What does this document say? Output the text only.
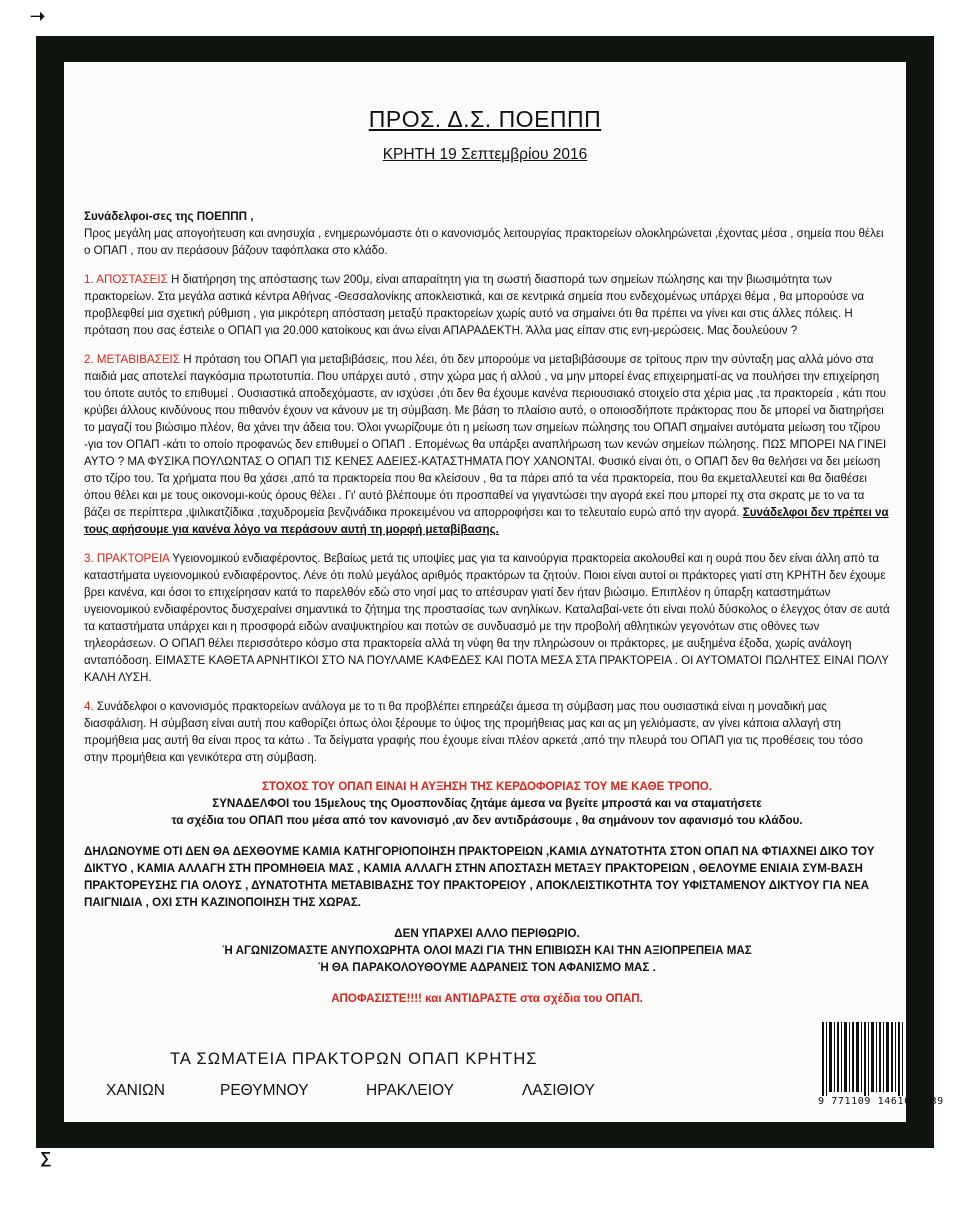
➝
∑
ΠΡΟΣ. Δ.Σ. ΠΟΕΠΠΠ
ΚΡΗΤΗ 19 Σεπτεμβρίου 2016

Συνάδελφοι-σες της ΠΟΕΠΠΠ ,

Προς μεγάλη μας απογοήτευση και ανησυχία , ενημερωνόμαστε ότι ο κανονισμός λειτουργίας πρακτορείων ολοκληρώνεται ,έχοντας μέσα , σημεία που θέλει ο ΟΠΑΠ , που αν περάσουν βάζουν ταφόπλακα στο κλάδο.

1. ΑΠΟΣΤΑΣΕΙΣ Η διατήρηση της απόστασης των 200μ, είναι απαραίτητη για τη σωστή διασπορά των σημείων πώλησης και την βιωσιμότητα των πρακτορείων. Στα μεγάλα αστικά κέντρα Αθήνας -Θεσσαλονίκης αποκλειστικά, και σε κεντρικά σημεία που ενδεχομένως υπάρχει θέμα , θα μπορούσε να προβλεφθεί μια σχετική ρύθμιση , για μικρότερη απόσταση μεταξύ πρακτορείων χωρίς αυτό να σημαίνει ότι θα πρέπει να γίνει και στις άλλες πόλεις. Η πρόταση που σας έστειλε ο ΟΠΑΠ για 20.000 κατοίκους και άνω είναι ΑΠΑΡΑΔΕΚΤΗ. Άλλα μας είπαν στις ενη-μερώσεις. Μας δουλεύουν ?

2. ΜΕΤΑΒΙΒΑΣΕΙΣ Η πρόταση του ΟΠΑΠ για μεταβιβάσεις, που λέει, ότι δεν μπορούμε να μεταβιβάσουμε σε τρίτους πριν την σύνταξη μας αλλά μόνο στα παιδιά μας αποτελεί παγκόσμια πρωτοτυπία. Που υπάρχει αυτό , στην χώρα μας ή αλλού , να μην μπορεί ένας επιχειρηματί-ας να πουλήσει την επιχείρηση του όποτε αυτός το επιθυμεί . Ουσιαστικά αποδεχόμαστε, αν ισχύσει ,ότι δεν θα έχουμε κανένα περιουσιακό στοιχείο στα χέρια μας ,τα πρακτορεία , κάτι που κρύβει άλλους κινδύνους που πιθανόν έχουν να κάνουν με τη σύμβαση. Με βάση το πλαίσιο αυτό, ο οποιοσδήποτε πράκτορας που δε μπορεί να διατηρήσει το μαγαζί του βιώσιμο πλέον, θα χάνει την άδεια του. Όλοι γνωρίζουμε ότι η μείωση των σημείων πώλησης του ΟΠΑΠ σημαίνει αυτόματα μείωση του τζίρου -για τον ΟΠΑΠ -κάτι το οποίο προφανώς δεν επιθυμεί ο ΟΠΑΠ . Επομένως θα υπάρξει αναπλήρωση των κενών σημείων πώλησης. ΠΩΣ ΜΠΟΡΕΙ ΝΑ ΓΙΝΕΙ ΑΥΤΟ ? ΜΑ ΦΥΣΙΚΑ ΠΟΥΛΩΝΤΑΣ Ο ΟΠΑΠ ΤΙΣ ΚΕΝΕΣ ΑΔΕΙΕΣ-ΚΑΤΑΣΤΗΜΑΤΑ ΠΟΥ ΧΑΝΟΝΤΑΙ. Φυσικό είναι ότι, ο ΟΠΑΠ δεν θα θελήσει να δει μείωση στο τζίρο του. Τα χρήματα που θα χάσει ,από τα πρακτορεία που θα κλείσουν , θα τα πάρει από τα νέα πρακτορεία, που θα εκμεταλλευτεί και θα διαθέσει όπου θέλει και με τους οικονομι-κούς όρους θέλει . Γι' αυτό βλέπουμε ότι προσπαθεί να γιγαντώσει την αγορά εκεί που μπορεί πχ στα σκρατς με το να τα βάζει σε περίπτερα ,ψιλικατζίδικα ,ταχυδρομεία βενζινάδικα προκειμένου να απορροφήσει και το τελευταίο ευρώ από την αγορά. Συνάδελφοι δεν πρέπει να τους αφήσουμε για κανένα λόγο να περάσουν αυτή τη μορφή μεταβίβασης.

3. ΠΡΑΚΤΟΡΕΙΑ Υγειονομικού ενδιαφέροντος. Βεβαίως μετά τις υποψίες μας για τα καινούργια πρακτορεία ακολουθεί και η ουρά που δεν είναι άλλη από τα καταστήματα υγειονομικού ενδιαφέροντος. Λένε ότι πολύ μεγάλος αριθμός πρακτόρων τα ζητούν. Ποιοι είναι αυτοί οι πράκτορες γιατί στη ΚΡΗΤΗ δεν έχουμε βρει κανένα, και όσοι το επιχείρησαν κατά το παρελθόν εδώ στο νησί μας το απέσυραν γιατί δεν ήταν βιώσιμο. Επιπλέον η ύπαρξη καταστημάτων υγειονομικού ενδιαφέροντος δυσχεραίνει σημαντικά το ζήτημα της προστασίας των ανηλίκων. Καταλαβαί-νετε ότι είναι πολύ δύσκολος ο έλεγχος όταν σε αυτά τα καταστήματα υπάρχει και η προσφορά ειδών αναψυκτηρίου και ποτών σε συνδυασμό με την προβολή αθλητικών γεγονότων στις οθόνες των τηλεοράσεων. Ο ΟΠΑΠ θέλει περισσότερο κόσμο στα πρακτορεία αλλά τη νύφη θα την πληρώσουν οι πράκτορες, με αυξημένα έξοδα, χωρίς ανάλογη ανταπόδοση. ΕΙΜΑΣΤΕ ΚΑΘΕΤΑ ΑΡΝΗΤΙΚΟΙ ΣΤΟ ΝΑ ΠΟΥΛΑΜΕ ΚΑΦΕΔΕΣ ΚΑΙ ΠΟΤΑ ΜΕΣΑ ΣΤΑ ΠΡΑΚΤΟΡΕΙΑ . ΟΙ ΑΥΤΟΜΑΤΟΙ ΠΩΛΗΤΕΣ ΕΙΝΑΙ ΠΟΛΥ ΚΑΛΗ ΛΥΣΗ.

4. Συνάδελφοι ο κανονισμός πρακτορείων ανάλογα με το τι θα προβλέπει επηρεάζει άμεσα τη σύμβαση μας που ουσιαστικά είναι η μοναδική μας διασφάλιση. Η σύμβαση είναι αυτή που καθορίζει όπως όλοι ξέρουμε το ύψος της προμήθειας μας και ας μη γελιόμαστε, αν γίνει κάποια αλλαγή στη προμήθεια μας αυτή θα είναι προς τα κάτω . Τα δείγματα γραφής που έχουμε είναι πλέον αρκετά ,από την πλευρά του ΟΠΑΠ για τις προθέσεις του τόσο στην προμήθεια και γενικότερα στη σύμβαση.

ΣΤΟΧΟΣ ΤΟΥ ΟΠΑΠ ΕΙΝΑΙ Η ΑΥΞΗΣΗ ΤΗΣ ΚΕΡΔΟΦΟΡΙΑΣ ΤΟΥ ΜΕ ΚΑΘΕ ΤΡΟΠΟ.

ΣΥΝΑΔΕΛΦΟΙ του 15μελους της Ομοσπονδίας ζητάμε άμεσα να βγείτε μπροστά και να σταματήσετε

τα σχέδια του ΟΠΑΠ που μέσα από τον κανονισμό ,αν δεν αντιδράσουμε , θα σημάνουν τον αφανισμό του κλάδου.

ΔΗΛΩΝΟΥΜΕ ΟΤΙ ΔΕΝ ΘΑ ΔΕΧΘΟΥΜΕ ΚΑΜΙΑ ΚΑΤΗΓΟΡΙΟΠΟΙΗΣΗ ΠΡΑΚΤΟΡΕΙΩΝ ,ΚΑΜΙΑ ΔΥΝΑΤΟΤΗΤΑ ΣΤΟΝ ΟΠΑΠ ΝΑ ΦΤΙΑΧΝΕΙ ΔΙΚΟ ΤΟΥ ΔΙΚΤΥΟ , ΚΑΜΙΑ ΑΛΛΑΓΗ ΣΤΗ ΠΡΟΜΗΘΕΙΑ ΜΑΣ , ΚΑΜΙΑ ΑΛΛΑΓΗ ΣΤΗΝ ΑΠΟΣΤΑΣΗ ΜΕΤΑΞΥ ΠΡΑΚΤΟΡΕΙΩΝ , ΘΕΛΟΥΜΕ ΕΝΙΑΙΑ ΣΥΜ-ΒΑΣΗ ΠΡΑΚΤΟΡΕΥΣΗΣ ΓΙΑ ΟΛΟΥΣ , ΔΥΝΑΤΟΤΗΤΑ ΜΕΤΑΒΙΒΑΣΗΣ ΤΟΥ ΠΡΑΚΤΟΡΕΙΟΥ , ΑΠΟΚΛΕΙΣΤΙΚΟΤΗΤΑ ΤΟΥ ΥΦΙΣΤΑΜΕΝΟΥ ΔΙΚΤΥΟΥ ΓΙΑ ΝΕΑ ΠΑΙΓΝΙΔΙΑ , ΟΧΙ ΣΤΗ ΚΑΖΙΝΟΠΟΙΗΣΗ ΤΗΣ ΧΩΡΑΣ.

ΔΕΝ ΥΠΑΡΧΕΙ ΑΛΛΟ ΠΕΡΙΘΩΡΙΟ.

Ή ΑΓΩΝΙΖΟΜΑΣΤΕ ΑΝΥΠΟΧΩΡΗΤΑ ΟΛΟΙ ΜΑΖΙ ΓΙΑ ΤΗΝ ΕΠΙΒΙΩΣΗ ΚΑΙ ΤΗΝ ΑΞΙΟΠΡΕΠΕΙΑ ΜΑΣ

Ή ΘΑ ΠΑΡΑΚΟΛΟΥΘΟΥΜΕ ΑΔΡΑΝΕΙΣ ΤΟΝ ΑΦΑΝΙΣΜΟ ΜΑΣ .

ΑΠΟΦΑΣΙΣΤΕ!!!! και ΑΝΤΙΔΡΑΣΤΕ στα σχέδια του ΟΠΑΠ.

ΤΑ ΣΩΜΑΤΕΙΑ ΠΡΑΚΤΟΡΩΝ ΟΠΑΠ ΚΡΗΤΗΣ
ΧΑΝΙΩΝ	ΡΕΘΥΜΝΟΥ	ΗΡΑΚΛΕΙΟΥ	ΛΑΣΙΘΙΟΥ
9 771109 146104 39
